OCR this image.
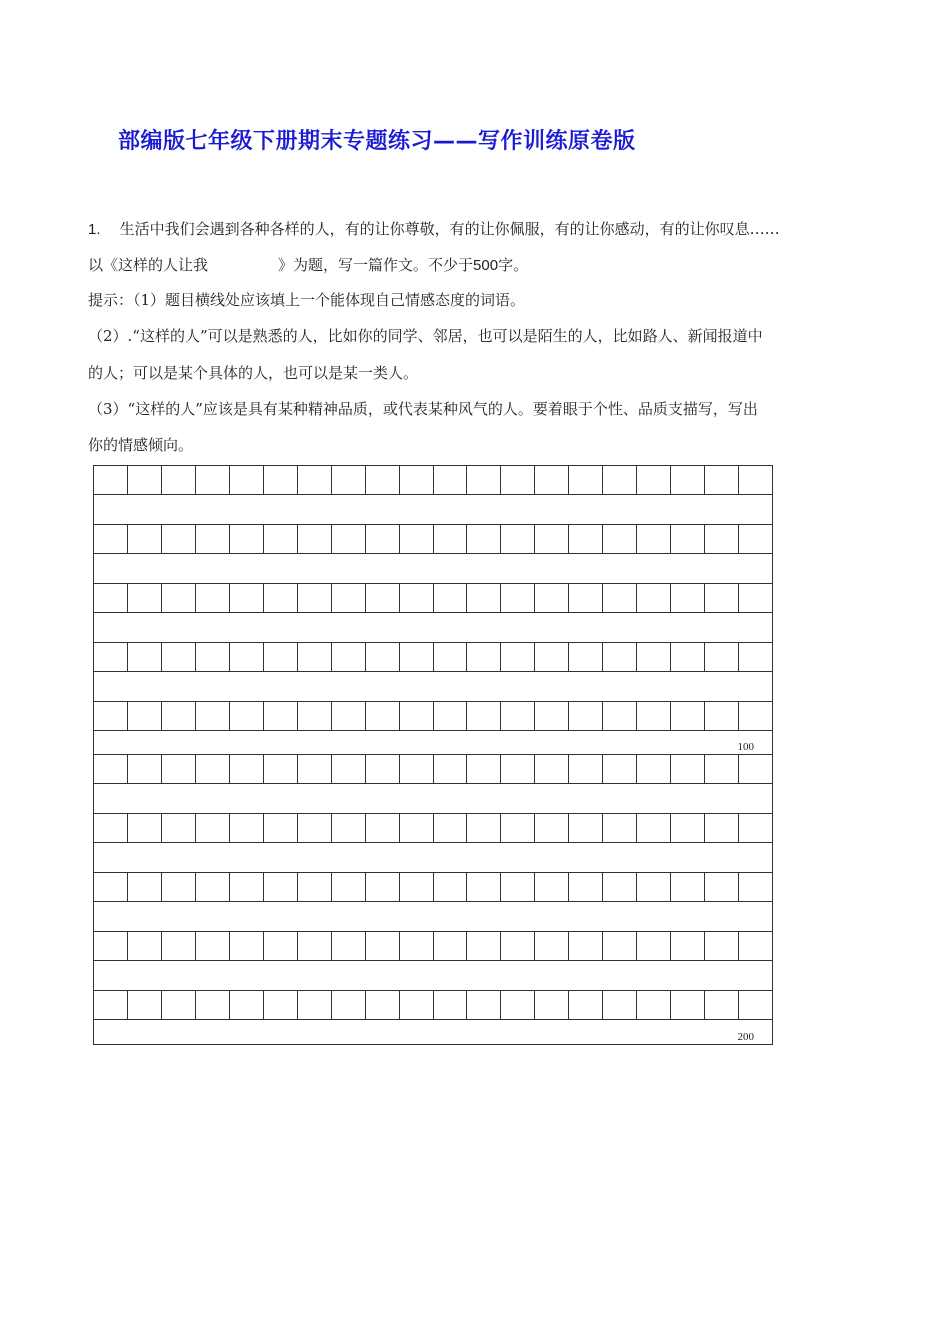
部编版七年级下册期末专题练习——写作训练原卷版
1. 生活中我们会遇到各种各样的人，有的让你尊敬，有的让你佩服，有的让你感动，有的让你叹息……
以《这样的人让我	》为题，写一篇作文。不少于500字。
提示：（1）题目横线处应该填上一个能体现自己情感态度的词语。
（2）.“这样的人”可以是熟悉的人，比如你的同学、邻居，也可以是陌生的人，比如路人、新闻报道中
的人；可以是某个具体的人，也可以是某一类人。
（3）“这样的人”应该是具有某种精神品质，或代表某种风气的人。要着眼于个性、品质支描写，写出
你的情感倾向。
100
200
